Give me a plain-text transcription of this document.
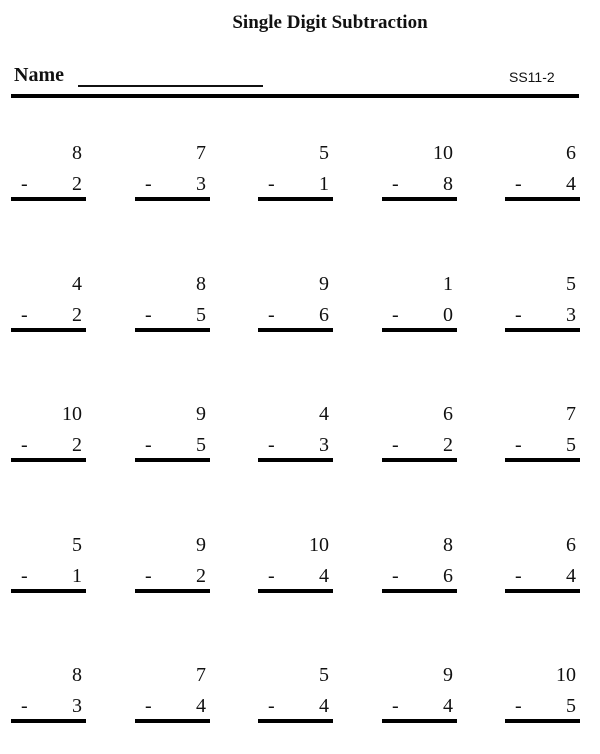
Single Digit Subtraction
Name	SS11-2
8
- 2
7
- 3
5
- 1
10
- 8
6
- 4
4
- 2
8
- 5
9
- 6
1
- 0
5
- 3
10
- 2
9
- 5
4
- 3
6
- 2
7
- 5
5
- 1
9
- 2
10
- 4
8
- 6
6
- 4
8
- 3
7
- 4
5
- 4
9
- 4
10
- 5
